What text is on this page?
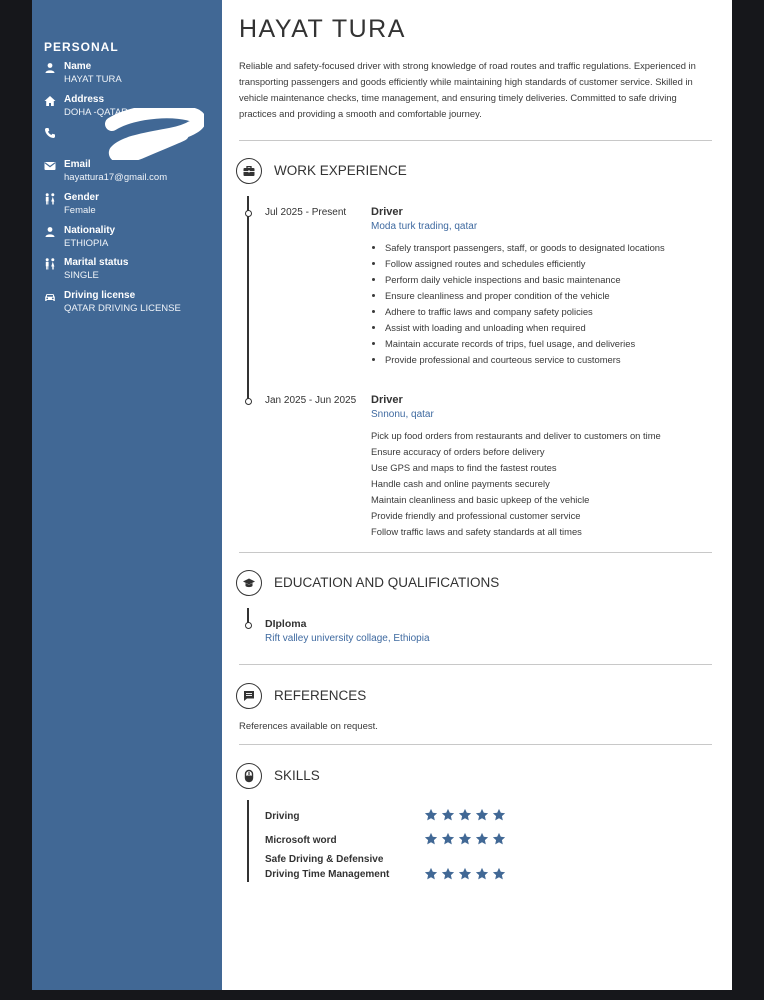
PERSONAL
Name
HAYAT TURA
Address
DOHA -QATAR
Email
hayattura17@gmail.com
Gender
Female
Nationality
ETHIOPIA
Marital status
SINGLE
Driving license
QATAR DRIVING LICENSE
HAYAT TURA
Reliable and safety-focused driver with strong knowledge of road routes and traffic regulations. Experienced in transporting passengers and goods efficiently while maintaining high standards of customer service. Skilled in vehicle maintenance checks, time management, and ensuring timely deliveries. Committed to safe driving practices and providing a smooth and comfortable journey.
WORK EXPERIENCE
Jul 2025 - Present Driver
Moda turk trading, qatar
• Safely transport passengers, staff, or goods to designated locations
• Follow assigned routes and schedules efficiently
• Perform daily vehicle inspections and basic maintenance
• Ensure cleanliness and proper condition of the vehicle
• Adhere to traffic laws and company safety policies
• Assist with loading and unloading when required
• Maintain accurate records of trips, fuel usage, and deliveries
• Provide professional and courteous service to customers
Jan 2025 - Jun 2025 Driver
Snnonu, qatar
Pick up food orders from restaurants and deliver to customers on time
Ensure accuracy of orders before delivery
Use GPS and maps to find the fastest routes
Handle cash and online payments securely
Maintain cleanliness and basic upkeep of the vehicle
Provide friendly and professional customer service
Follow traffic laws and safety standards at all times
EDUCATION AND QUALIFICATIONS
DIploma
Rift valley university collage, Ethiopia
REFERENCES
References available on request.
SKILLS
Driving
Microsoft word
Safe Driving & Defensive Driving Time Management
